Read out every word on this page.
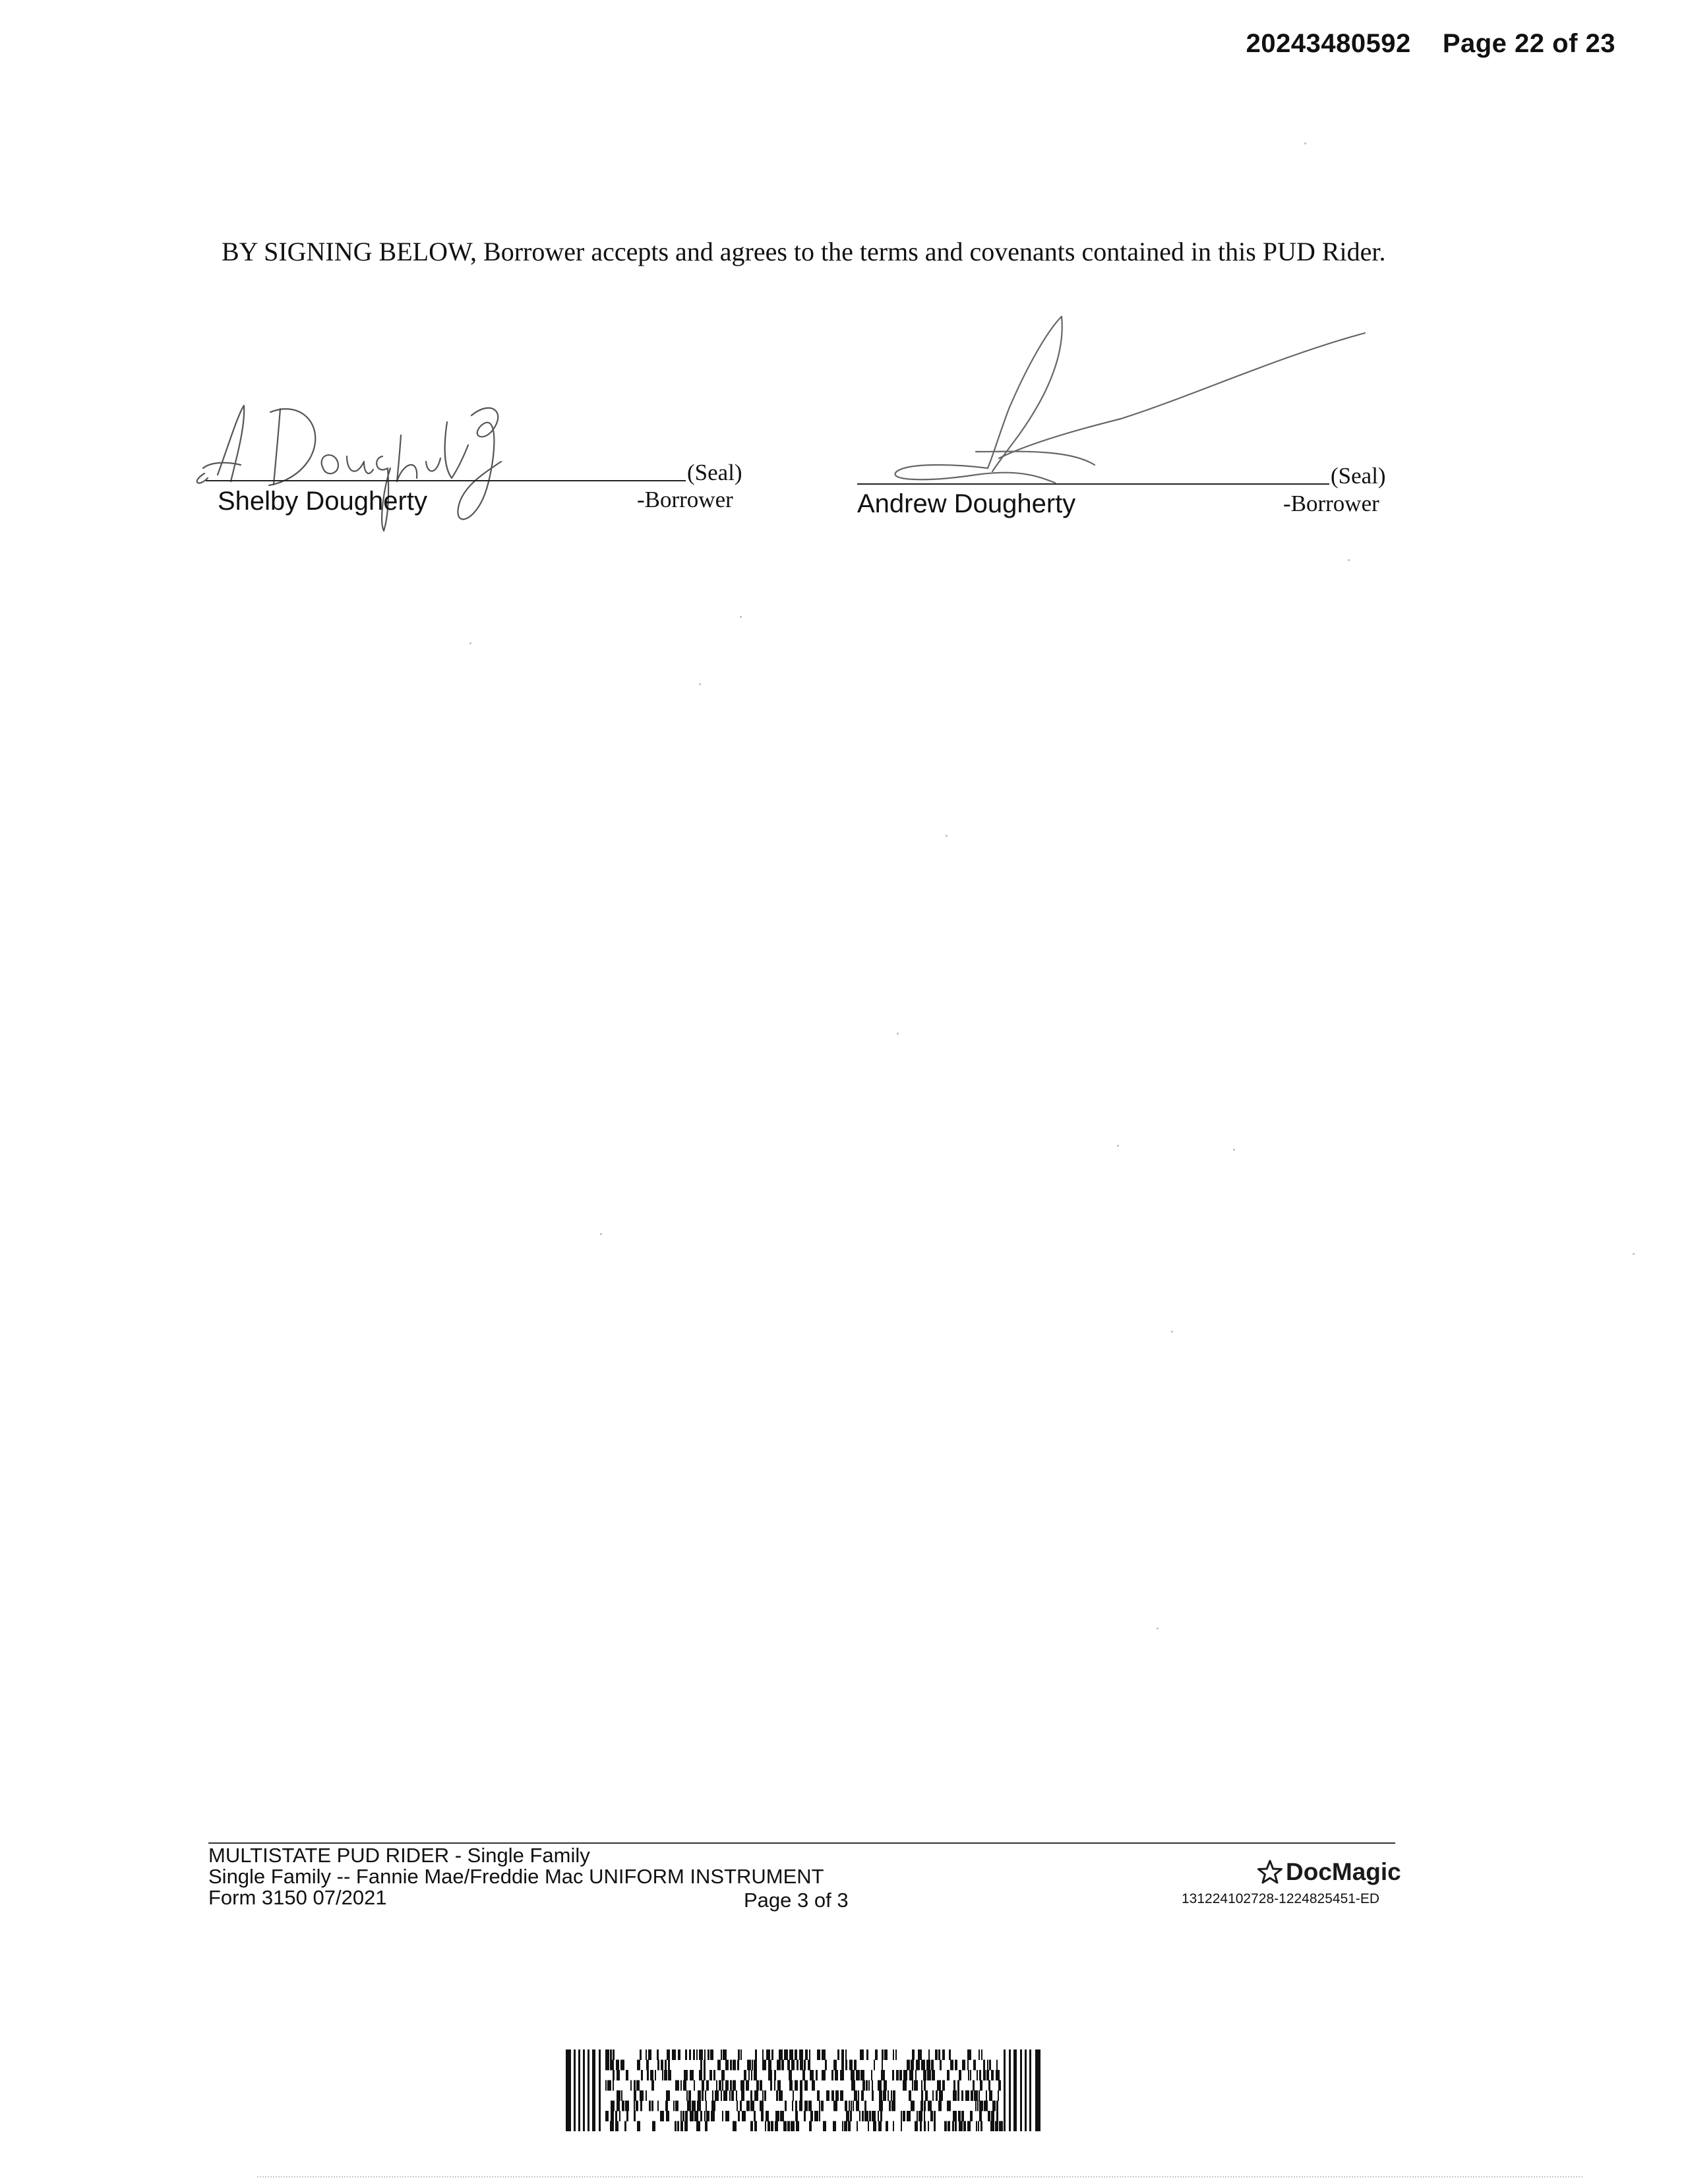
20243480592 Page 22 of 23
BY SIGNING BELOW, Borrower accepts and agrees to the terms and covenants contained in this PUD Rider.
(Seal)
Shelby Dougherty	-Borrower
(Seal)
Andrew Dougherty	-Borrower
MULTISTATE PUD RIDER - Single Family
Single Family -- Fannie Mae/Freddie Mac UNIFORM INSTRUMENT
Form 3150 07/2021	Page 3 of 3
DocMagic
131224102728-1224825451-ED
